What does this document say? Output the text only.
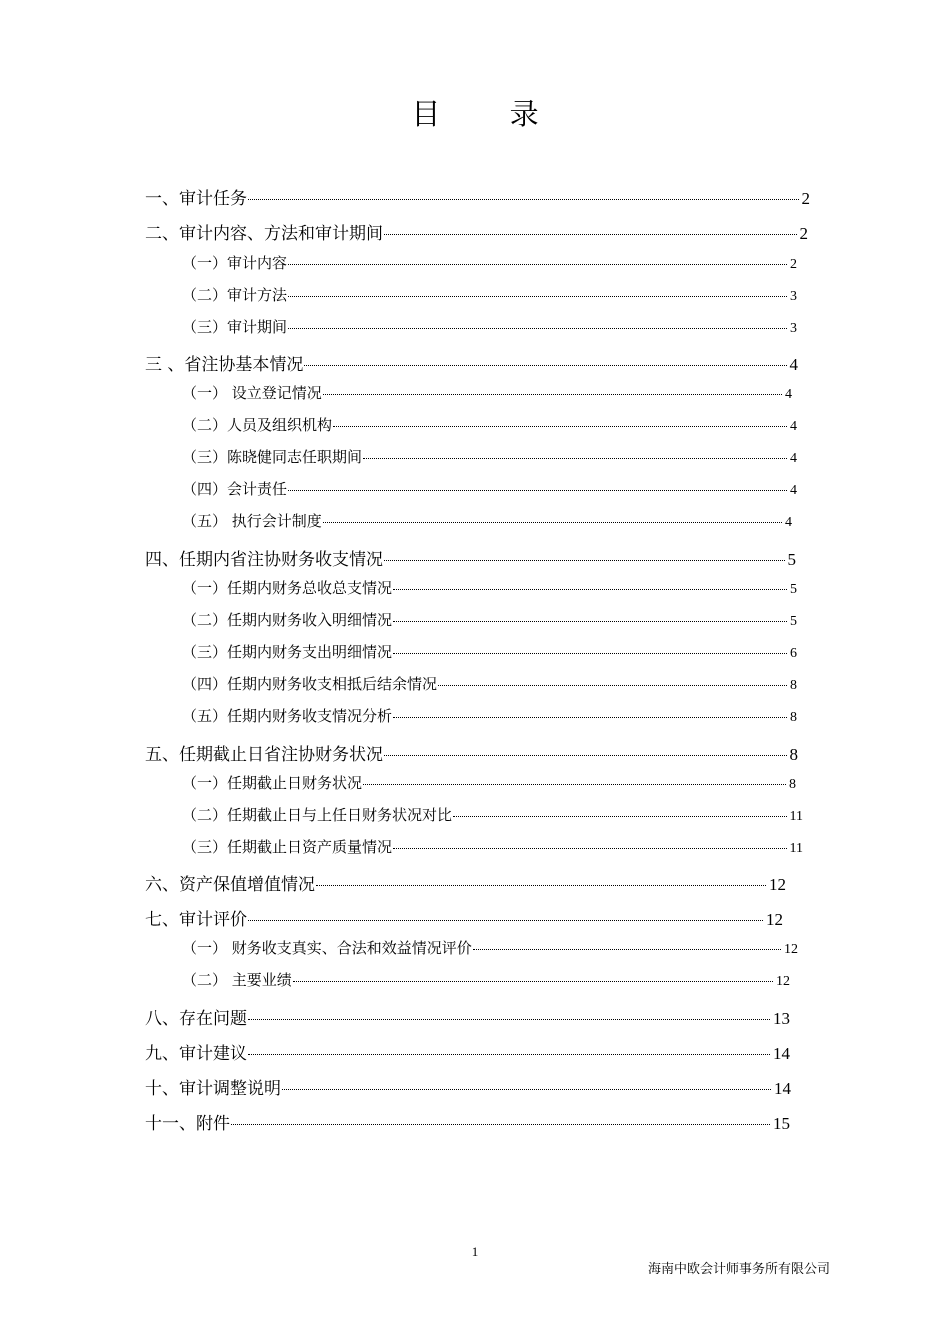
目 录
一、审计任务	2
二、审计内容、方法和审计期间	2
（一）审计内容	2
（二）审计方法	3
（三）审计期间	3
三 、省注协基本情况	4
（一） 设立登记情况	4
（二）人员及组织机构	4
（三）陈晓健同志任职期间	4
（四）会计责任	4
（五） 执行会计制度	4
四、任期内省注协财务收支情况	5
（一）任期内财务总收总支情况	5
（二）任期内财务收入明细情况	5
（三）任期内财务支出明细情况	6
（四）任期内财务收支相抵后结余情况	8
（五）任期内财务收支情况分析	8
五、任期截止日省注协财务状况	8
（一）任期截止日财务状况	8
（二）任期截止日与上任日财务状况对比	11
（三）任期截止日资产质量情况	11
六、资产保值增值情况	12
七、审计评价	12
（一） 财务收支真实、合法和效益情况评价	12
（二） 主要业绩	12
八、存在问题	13
九、审计建议	14
十、审计调整说明	14
十一、附件	15
1
海南中欧会计师事务所有限公司
